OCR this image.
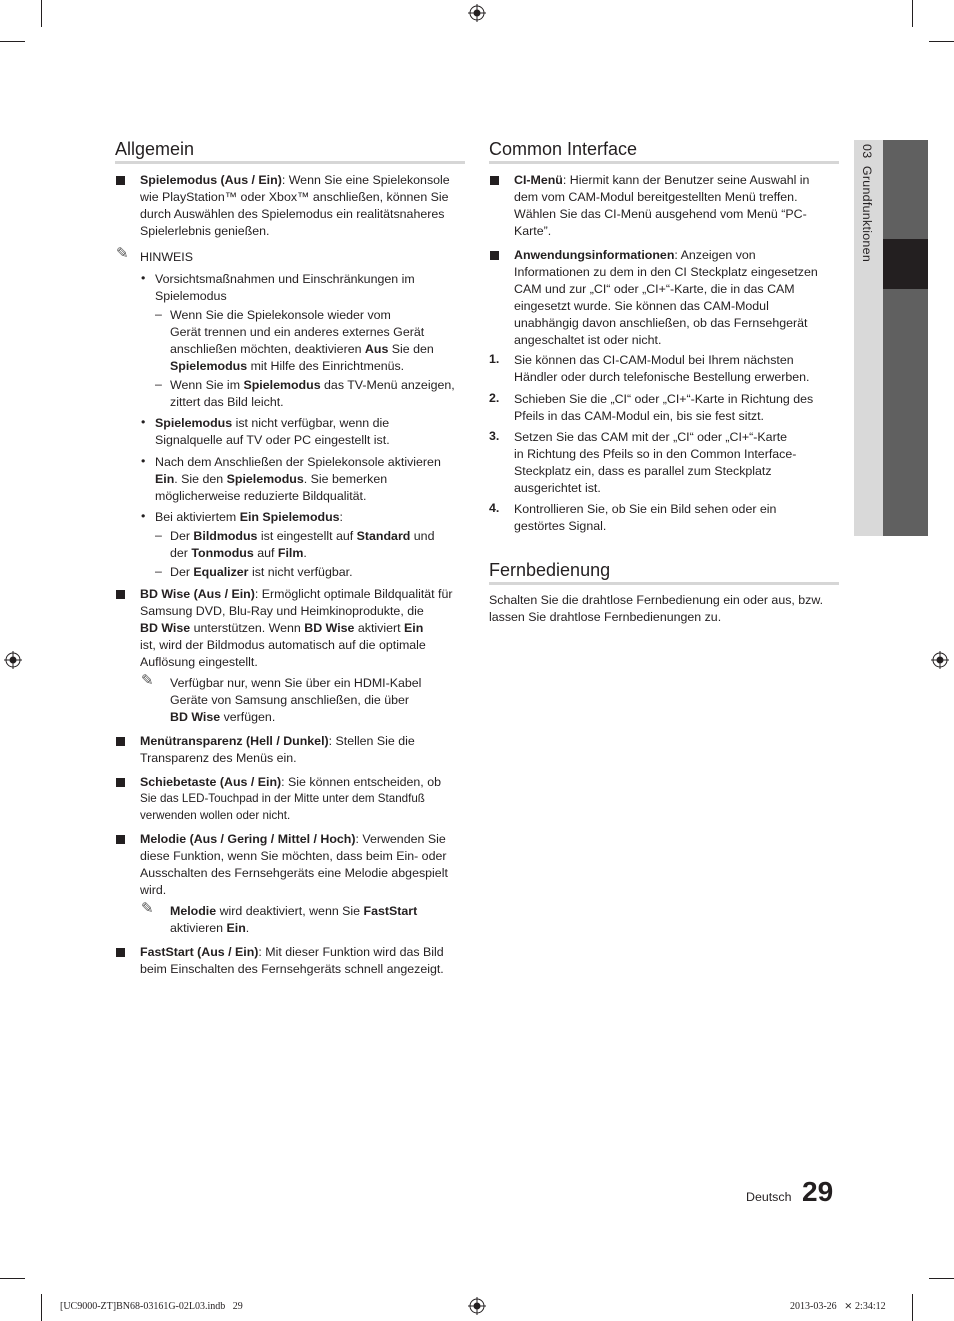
03  Grundfunktionen
Allgemein
Spielemodus (Aus / Ein): Wenn Sie eine Spielekonsole
wie PlayStation™ oder Xbox™ anschließen, können Sie
durch Auswählen des Spielemodus ein realitätsnaheres
Spielerlebnis genießen.
✎ HINWEIS
• Vorsichtsmaßnahmen und Einschränkungen im
Spielemodus
– Wenn Sie die Spielekonsole wieder vom
Gerät trennen und ein anderes externes Gerät
anschließen möchten, deaktivieren Aus Sie den
Spielemodus mit Hilfe des Einrichtmenüs.
– Wenn Sie im Spielemodus das TV-Menü anzeigen,
zittert das Bild leicht.
• Spielemodus ist nicht verfügbar, wenn die
Signalquelle auf TV oder PC eingestellt ist.
• Nach dem Anschließen der Spielekonsole aktivieren
Ein. Sie den Spielemodus. Sie bemerken
möglicherweise reduzierte Bildqualität.
• Bei aktiviertem Ein Spielemodus:
– Der Bildmodus ist eingestellt auf Standard und
der Tonmodus auf Film.
– Der Equalizer ist nicht verfügbar.
BD Wise (Aus / Ein): Ermöglicht optimale Bildqualität für
Samsung DVD, Blu-Ray und Heimkinoprodukte, die
BD Wise unterstützen. Wenn BD Wise aktiviert Ein
ist, wird der Bildmodus automatisch auf die optimale
Auflösung eingestellt.
✎ Verfügbar nur, wenn Sie über ein HDMI-Kabel
Geräte von Samsung anschließen, die über
BD Wise verfügen.
Menütransparenz (Hell / Dunkel): Stellen Sie die
Transparenz des Menüs ein.
Schiebetaste (Aus / Ein): Sie können entscheiden, ob
Sie das LED-Touchpad in der Mitte unter dem Standfuß
verwenden wollen oder nicht.
Melodie (Aus / Gering / Mittel / Hoch): Verwenden Sie
diese Funktion, wenn Sie möchten, dass beim Ein- oder
Ausschalten des Fernsehgeräts eine Melodie abgespielt
wird.
✎ Melodie wird deaktiviert, wenn Sie FastStart
aktivieren Ein.
FastStart (Aus / Ein): Mit dieser Funktion wird das Bild
beim Einschalten des Fernsehgeräts schnell angezeigt.
Common Interface
CI-Menü: Hiermit kann der Benutzer seine Auswahl in
dem vom CAM-Modul bereitgestellten Menü treffen.
Wählen Sie das CI-Menü ausgehend vom Menü “PC-
Karte”.
Anwendungsinformationen: Anzeigen von
Informationen zu dem in den CI Steckplatz eingesetzen
CAM und zur „CI“ oder „CI+“-Karte, die in das CAM
eingesetzt wurde. Sie können das CAM-Modul
unabhängig davon anschließen, ob das Fernsehgerät
angeschaltet ist oder nicht.
1. Sie können das CI-CAM-Modul bei Ihrem nächsten
Händler oder durch telefonische Bestellung erwerben.
2. Schieben Sie die „CI“ oder „CI+“-Karte in Richtung des
Pfeils in das CAM-Modul ein, bis sie fest sitzt.
3. Setzen Sie das CAM mit der „CI“ oder „CI+“-Karte
in Richtung des Pfeils so in den Common Interface-
Steckplatz ein, dass es parallel zum Steckplatz
ausgerichtet ist.
4. Kontrollieren Sie, ob Sie ein Bild sehen oder ein
gestörtes Signal.
Fernbedienung
Schalten Sie die drahtlose Fernbedienung ein oder aus, bzw.
lassen Sie drahtlose Fernbedienungen zu.
Deutsch 29
[UC9000-ZT]BN68-03161G-02L03.indb   29	2013-03-26   ⨯ 2:34:12
